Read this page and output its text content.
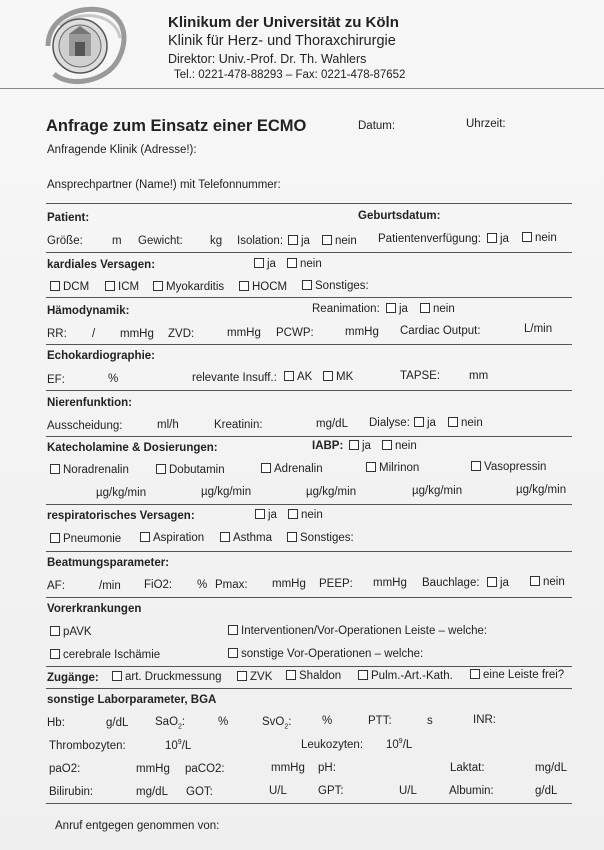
Klinikum der Universität zu Köln
Klinik für Herz- und Thoraxchirurgie
Direktor: Univ.-Prof. Dr. Th. Wahlers
Tel.: 0221-478-88293 – Fax: 0221-478-87652
Anfrage zum Einsatz einer ECMO	Datum:	Uhrzeit:
Anfragende Klinik (Adresse!):
Ansprechpartner (Name!) mit Telefonnummer:
Patient:	Geburtsdatum:
Größe:	m Gewicht: kg Isolation:	ja	nein Patientenverfügung:	ja	nein
kardiales Versagen:	ja	nein
DCM	ICM	Myokarditis	HOCM	Sonstiges:
Hämodynamik:	Reanimation:	ja	nein
RR: / mmHg ZVD:	mmHg PCWP:	mmHg Cardiac Output:	L/min
Echokardiographie:
EF:	%	relevante Insuff.:	AK	MK	TAPSE:	mm
Nierenfunktion:
Ausscheidung:	ml/h	Kreatinin:	mg/dL Dialyse:	ja	nein
Katecholamine & Dosierungen:	IABP:	ja	nein
Noradrenalin	Dobutamin	Adrenalin	Milrinon	Vasopressin
µg/kg/min	µg/kg/min	µg/kg/min	µg/kg/min	µg/kg/min
respiratorisches Versagen:	ja	nein
Pneumonie	Aspiration	Asthma	Sonstiges:
Beatmungsparameter:
AF:	/min FiO2: % Pmax: mmHg PEEP: mmHg Bauchlage:	ja	nein
Vorerkrankungen
pAVK	Interventionen/Vor-Operationen Leiste – welche:
cerebrale Ischämie	sonstige Vor-Operationen – welche:
Zugänge:	art. Druckmessung	ZVK	Shaldon	Pulm.-Art.-Kath.	eine Leiste frei?
sonstige Laborparameter, BGA
Hb:	g/dL SaO$_2$:	%	SvO$_2$:	%	PTT:	s	INR:
Thrombozyten:	$10^9/L$	Leukozyten: $10^9/L$
paO2:	mmHg paCO2:	mmHg pH:	Laktat:	mg/dL
Bilirubin:	mg/dL GOT:	U/L	GPT:	U/L	Albumin:	g/dL
Anruf entgegen genommen von:
